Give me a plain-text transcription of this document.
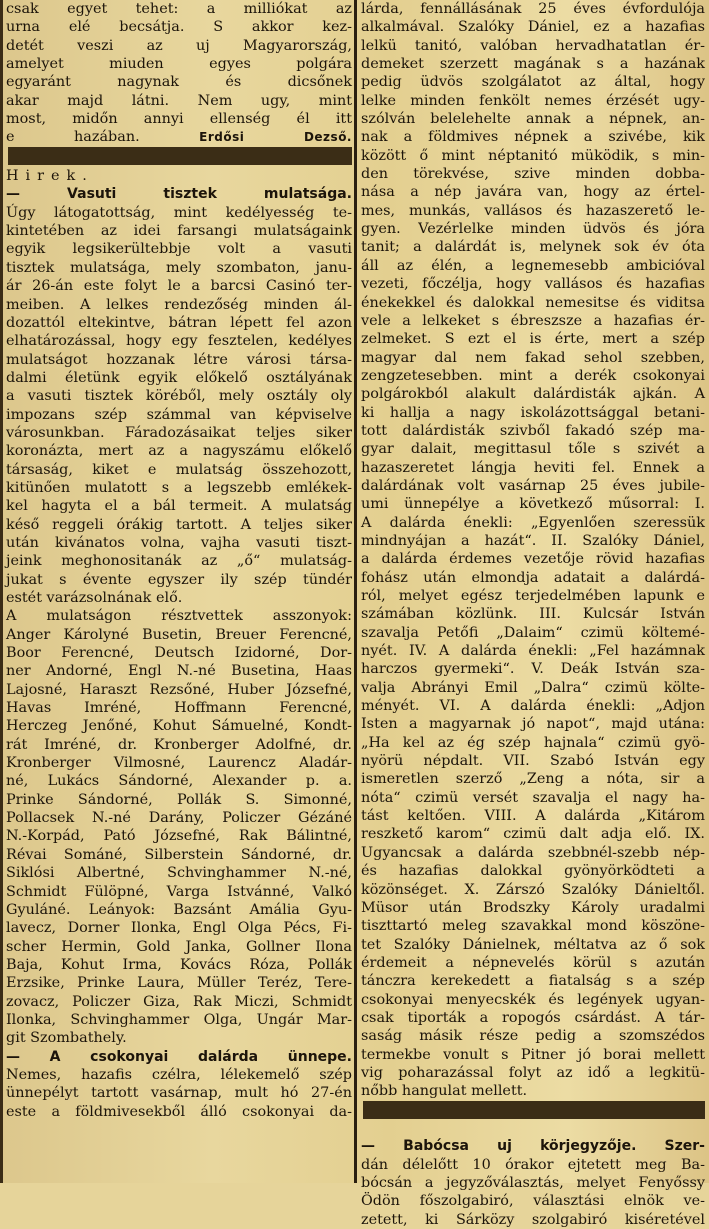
csak egyet tehet: a milliókat az
urna elé becsátja. S akkor kez-
detét veszi az uj Magyarország,
amelyet miuden egyes polgára
egyaránt nagynak és dicsőnek
akar majd látni. Nem ugy, mint
most, midőn annyi ellenség él itt
e hazában.	Erdősi Dezső.
Hirek.
— Vasuti tisztek mulatsága.
Úgy látogatottság, mint kedélyesség te-
kintetében az idei farsangi mulatságaink
egyik legsikerültebbje volt a vasuti
tisztek mulatsága, mely szombaton, janu-
ár 26-án este folyt le a barcsi Casinó ter-
meiben. A lelkes rendezőség minden ál-
dozattól eltekintve, bátran lépett fel azon
elhatározással, hogy egy fesztelen, kedélyes
mulatságot hozzanak létre városi társa-
dalmi életünk egyik előkelő osztályának
a vasuti tisztek köréből, mely osztály oly
impozans szép számmal van képviselve
városunkban. Fáradozásaikat teljes siker
koronázta, mert az a nagyszámu előkelő
társaság, kiket e mulatság összehozott,
kitünően mulatott s a legszebb emlékek-
kel hagyta el a bál termeit. A mulatság
késő reggeli órákig tartott. A teljes siker
után kivánatos volna, vajha vasuti tiszt-
jeink meghonositanák az „ő“ mulatság-
jukat s évente egyszer ily szép tündér
estét varázsolnának elő.
A mulatságon résztvettek asszonyok:
Anger Károlyné Busetin, Breuer Ferencné,
Boor Ferencné, Deutsch Izidorné, Dor-
ner Andorné, Engl N.-né Busetina, Haas
Lajosné, Haraszt Rezsőné, Huber Józsefné,
Havas Imréné, Hoffmann Ferencné,
Herczeg Jenőné, Kohut Sámuelné, Kondt-
rát Imréné, dr. Kronberger Adolfné, dr.
Kronberger Vilmosné, Laurencz Aladár-
né, Lukács Sándorné, Alexander p. a.
Prinke Sándorné, Pollák S. Simonné,
Pollacsek N.-né Darány, Policzer Gézáné
N.-Korpád, Pató Józsefné, Rak Bálintné,
Révai Sománé, Silberstein Sándorné, dr.
Siklósi Albertné, Schvinghammer N.-né,
Schmidt Fülöpné, Varga Istvánné, Valkó
Gyuláné. Leányok: Bazsánt Amália Gyu-
lavecz, Dorner Ilonka, Engl Olga Pécs, Fi-
scher Hermin, Gold Janka, Gollner Ilona
Baja, Kohut Irma, Kovács Róza, Pollák
Erzsike, Prinke Laura, Müller Teréz, Tere-
zovacz, Policzer Giza, Rak Miczi, Schmidt
Ilonka, Schvinghammer Olga, Ungár Mar-
git Szombathely.
— A csokonyai dalárda ünnepe.
Nemes, hazafis czélra, lélekemelő szép
ünnepélyt tartott vasárnap, mult hó 27-én
este a földmivesekből álló csokonyai da-
lárda, fennállásának 25 éves évfordulója
alkalmával. Szalóky Dániel, ez a hazafias
lelkü tanitó, valóban hervadhatatlan ér-
demeket szerzett magának s a hazának
pedig üdvös szolgálatot az által, hogy
lelke minden fenkölt nemes érzését ugy-
szólván belelehelte annak a népnek, an-
nak a földmives népnek a szivébe, kik
között ő mint néptanitó müködik, s min-
den törekvése, szive minden dobba-
nása a nép javára van, hogy az értel-
mes, munkás, vallásos és hazaszerető le-
gyen. Vezérlelke minden üdvös és jóra
tanit; a dalárdát is, melynek sok év óta
áll az élén, a legnemesebb ambicióval
vezeti, főczélja, hogy vallásos és hazafias
énekekkel és dalokkal nemesitse és viditsa
vele a lelkeket s ébreszsze a hazafias ér-
zelmeket. S ezt el is érte, mert a szép
magyar dal nem fakad sehol szebben,
zengzetesebben. mint a derék csokonyai
polgárokból alakult dalárdisták ajkán. A
ki hallja a nagy iskolázottsággal betani-
tott dalárdisták szivből fakadó szép ma-
gyar dalait, megittasul tőle s szivét a
hazaszeretet lángja heviti fel. Ennek a
dalárdának volt vasárnap 25 éves jubile-
umi ünnepélye a következő műsorral: I.
A dalárda énekli: „Egyenlően szeressük
mindnyájan a hazát“. II. Szalóky Dániel,
a dalárda érdemes vezetője rövid hazafias
fohász után elmondja adatait a dalárdá-
ról, melyet egész terjedelmében lapunk e
számában közlünk. III. Kulcsár István
szavalja Petőfi „Dalaim“ czimü költemé-
nyét. IV. A dalárda énekli: „Fel hazámnak
harczos gyermeki“. V. Deák István sza-
valja Abrányi Emil „Dalra“ czimü költe-
ményét. VI. A dalárda énekli: „Adjon
Isten a magyarnak jó napot“, majd utána:
„Ha kel az ég szép hajnala“ czimü gyö-
nyörü népdalt. VII. Szabó István egy
ismeretlen szerző „Zeng a nóta, sir a
nóta“ czimü versét szavalja el nagy ha-
tást keltően. VIII. A dalárda „Kitárom
reszkető karom“ czimü dalt adja elő. IX.
Ugyancsak a dalárda szebbnél-szebb nép-
és hazafias dalokkal gyönyörködteti a
közönséget. X. Zárszó Szalóky Dánieltől.
Müsor után Brodszky Károly uradalmi
tiszttartó meleg szavakkal mond köszöne-
tet Szalóky Dánielnek, méltatva az ő sok
érdemeit a népnevelés körül s azután
tánczra kerekedett a fiatalság s a szép
csokonyai menyecskék és legények ugyan-
csak tiporták a ropogós csárdást. A tár-
saság másik része pedig a szomszédos
termekbe vonult s Pitner jó borai mellett
vig poharazással folyt az idő a legkitü-
nőbb hangulat mellett.
— Babócsa uj körjegyzője. Szer-
dán délelőtt 10 órakor ejtetett meg Ba-
bócsán a jegyzőválasztás, melyet Fenyőssy
Ödön főszolgabiró, választási elnök ve-
zetett, ki Sárközy szolgabiró kiséretével
